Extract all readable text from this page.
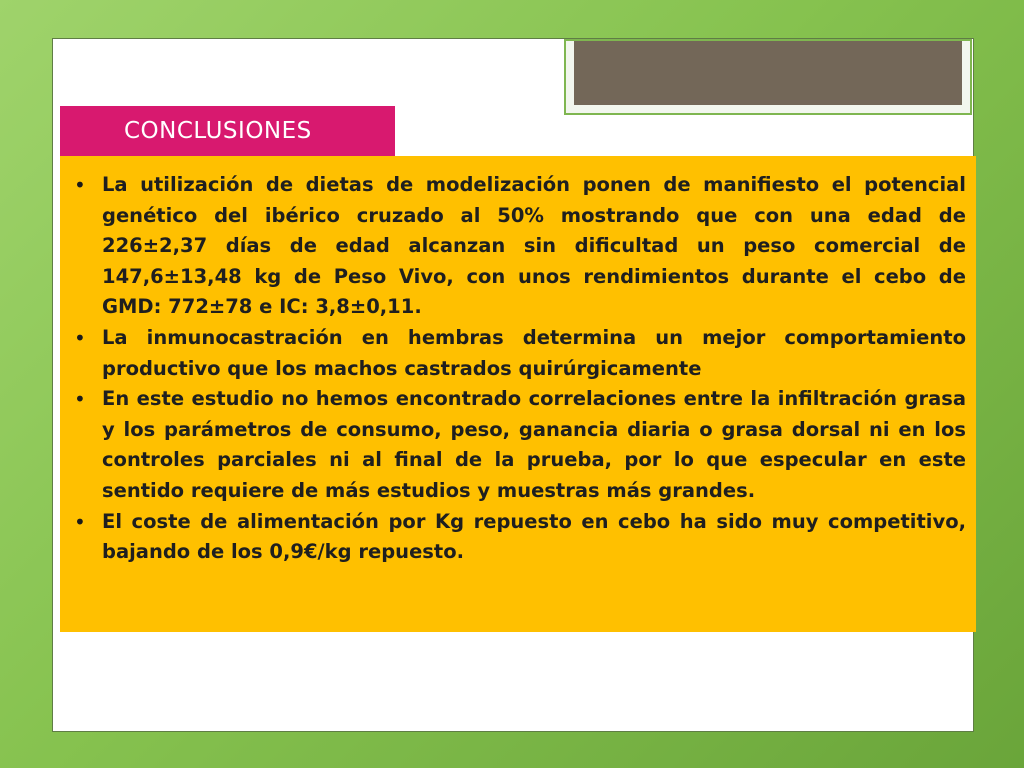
CONCLUSIONES
• La utilización de dietas de modelización ponen de manifiesto el potencial genético del ibérico cruzado al 50% mostrando que con una edad de 226±2,37 días de edad alcanzan sin dificultad un peso comercial de 147,6±13,48 kg de Peso Vivo, con unos rendimientos durante el cebo de GMD: 772±78 e IC: 3,8±0,11.
• La inmunocastración en hembras determina un mejor comportamiento productivo que los machos castrados quirúrgicamente
• En este estudio no hemos encontrado correlaciones entre la infiltración grasa y los parámetros de consumo, peso, ganancia diaria o grasa dorsal ni en los controles parciales ni al final de la prueba, por lo que especular en este sentido requiere de más estudios y muestras más grandes.
• El coste de alimentación por Kg repuesto en cebo ha sido muy competitivo, bajando de los 0,9€/kg repuesto.
